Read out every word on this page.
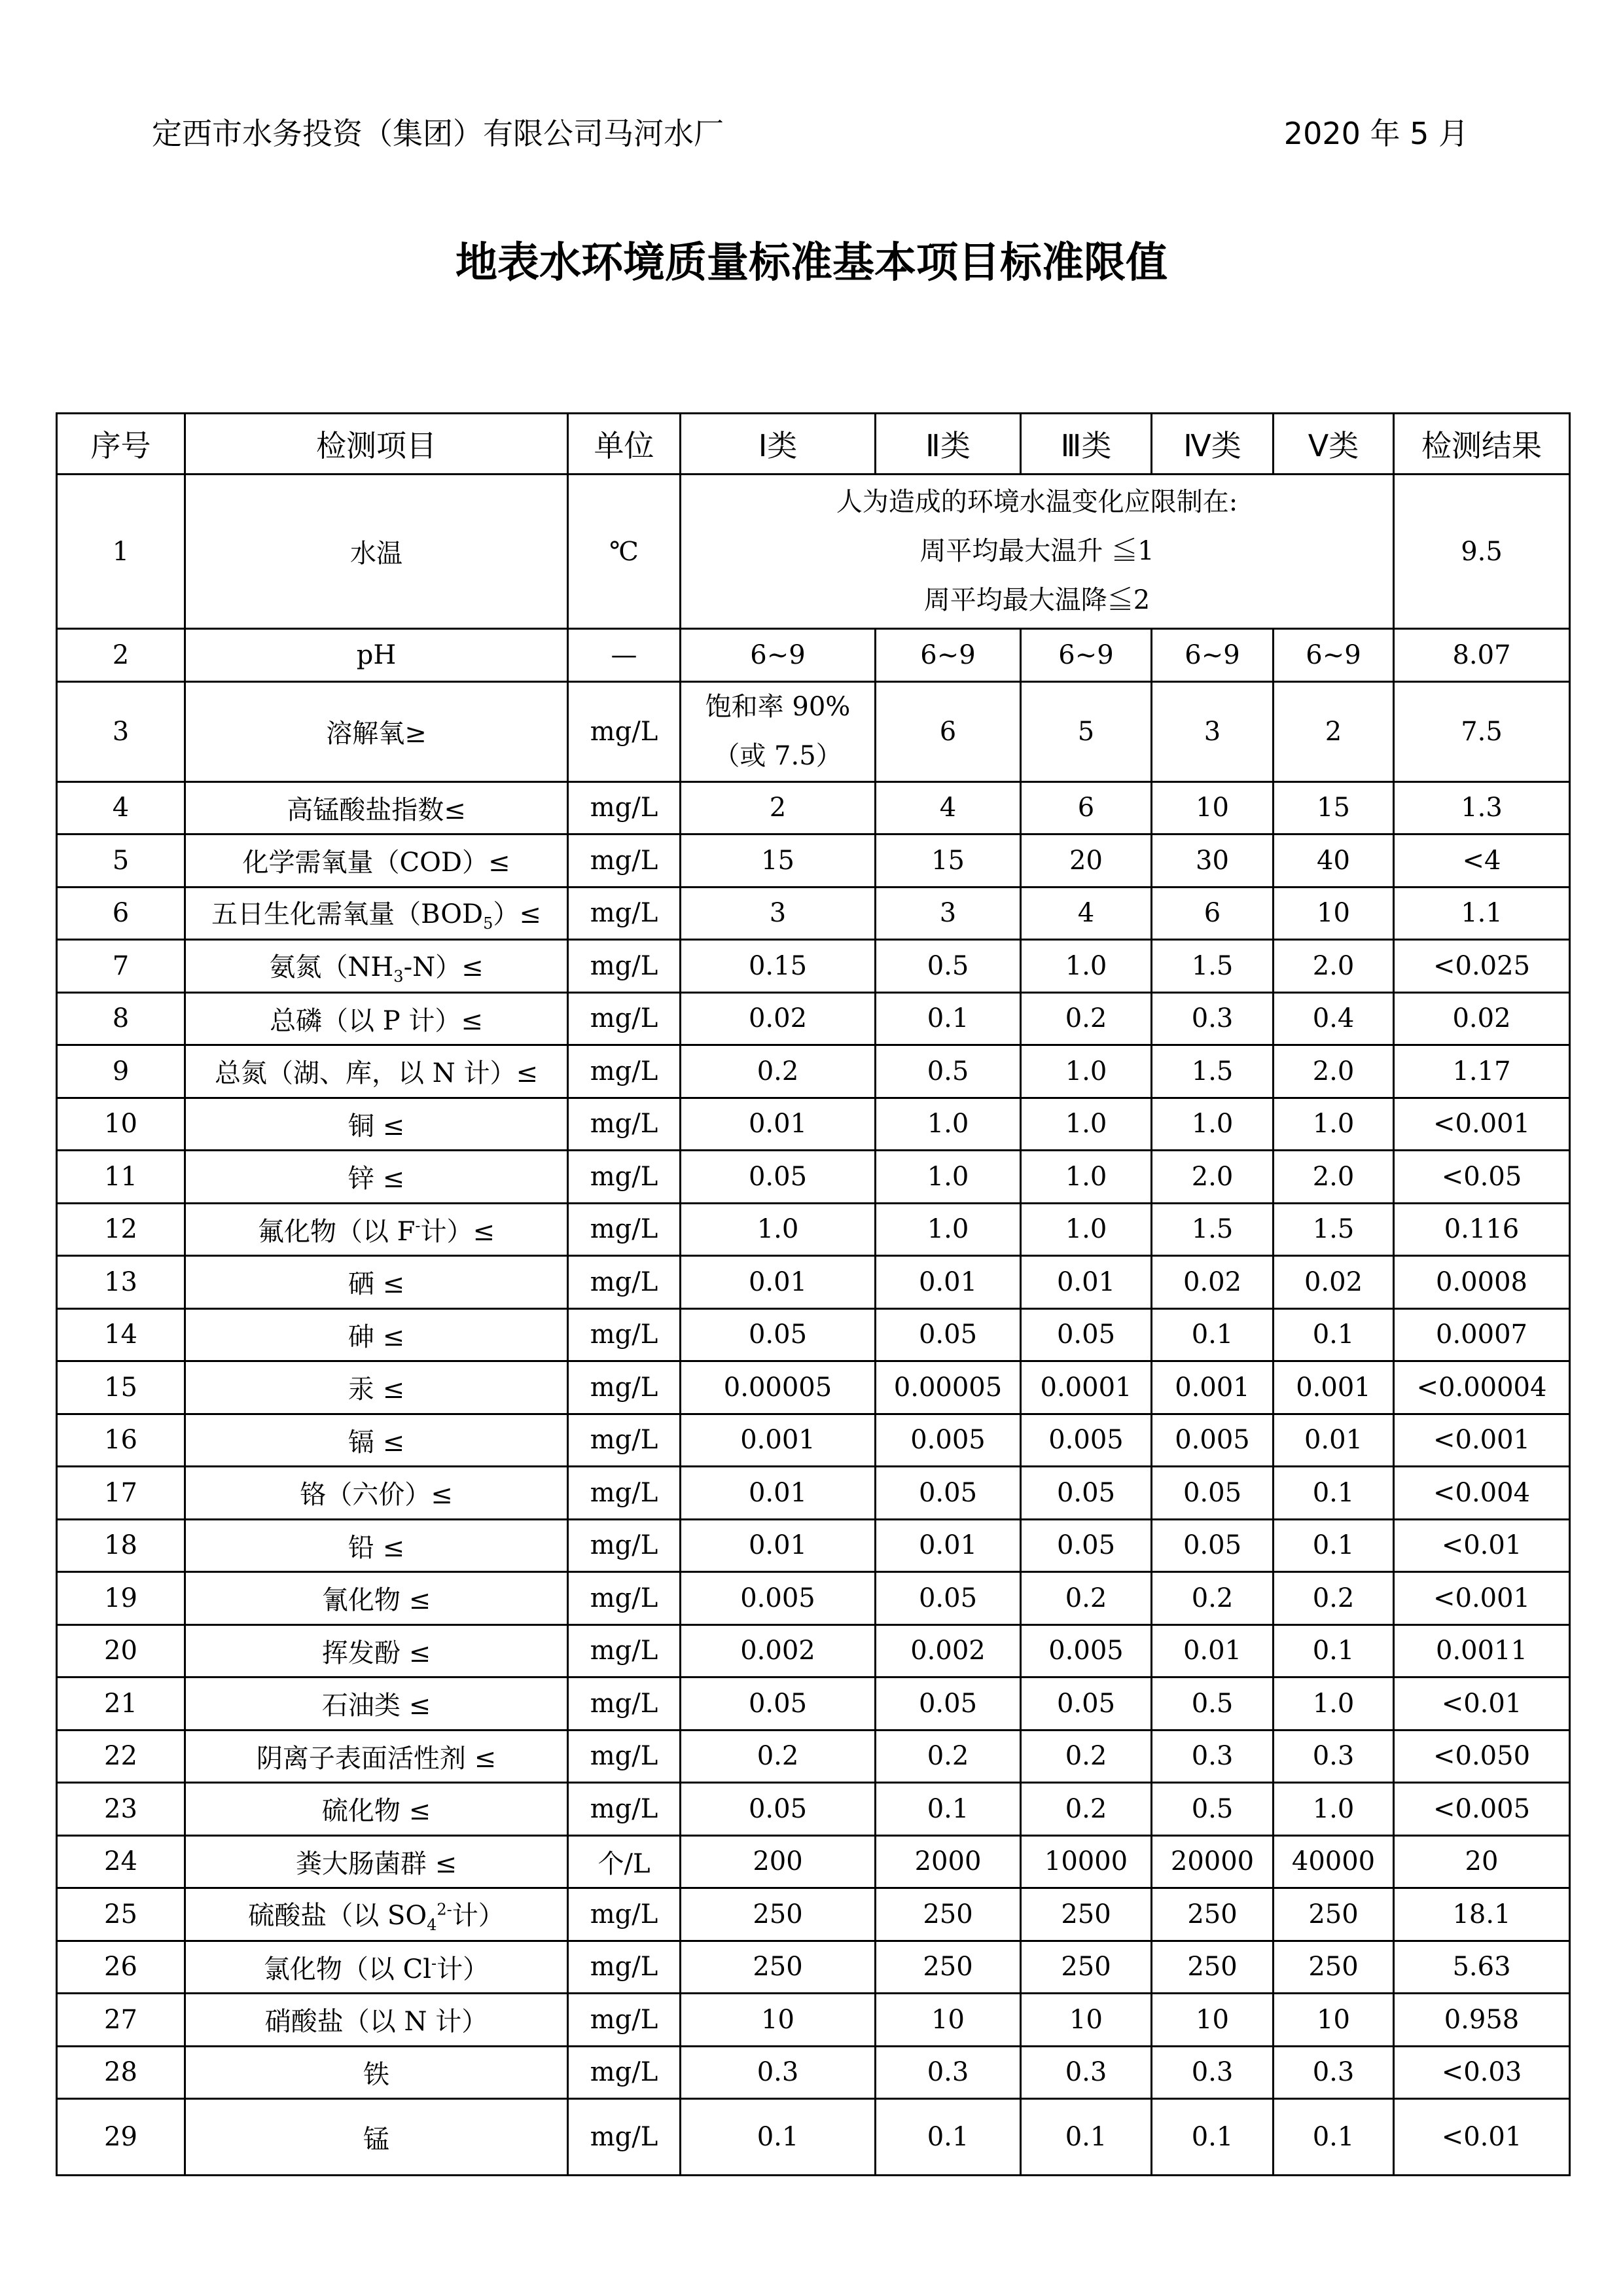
定西市水务投资（集团）有限公司马河水厂	2020 年 5 月
地表水环境质量标准基本项目标准限值
序号	检测项目	单位	Ⅰ类	Ⅱ类	Ⅲ类	Ⅳ类	Ⅴ类	检测结果
1	水温	℃	人为造成的环境水温变化应限制在:
周平均最大温升 ≦1
周平均最大温降≦2					9.5
2	pH	—	6~9	6~9	6~9	6~9	6~9	8.07
3	溶解氧≥	mg/L	饱和率 90%
（或 7.5）	6	5	3	2	7.5
4	高锰酸盐指数≤	mg/L	2	4	6	10	15	1.3
5	化学需氧量（COD）≤	mg/L	15	15	20	30	40	<4
6	五日生化需氧量$(BOD_5)\le$	mg/L	3	3	4	6	10	1.1
7	氨氮$(NH_3-N)\le$	mg/L	0.15	0.5	1.0	1.5	2.0	<0.025
8	总磷（以 P 计）≤	mg/L	0.02	0.1	0.2	0.3	0.4	0.02
9	总氮（湖、库，以 N 计）≤	mg/L	0.2	0.5	1.0	1.5	2.0	1.17
10	铜 ≤	mg/L	0.01	1.0	1.0	1.0	1.0	<0.001
11	锌 ≤	mg/L	0.05	1.0	1.0	2.0	2.0	<0.05
12	氟化物（以 F-计）≤	mg/L	1.0	1.0	1.0	1.5	1.5	0.116
13	硒 ≤	mg/L	0.01	0.01	0.01	0.02	0.02	0.0008
14	砷 ≤	mg/L	0.05	0.05	0.05	0.1	0.1	0.0007
15	汞 ≤	mg/L	0.00005	0.00005	0.0001	0.001	0.001	<0.00004
16	镉 ≤	mg/L	0.001	0.005	0.005	0.005	0.01	<0.001
17	铬（六价）≤	mg/L	0.01	0.05	0.05	0.05	0.1	<0.004
18	铅 ≤	mg/L	0.01	0.01	0.05	0.05	0.1	<0.01
19	氰化物 ≤	mg/L	0.005	0.05	0.2	0.2	0.2	<0.001
20	挥发酚 ≤	mg/L	0.002	0.002	0.005	0.01	0.1	0.0011
21	石油类 ≤	mg/L	0.05	0.05	0.05	0.5	1.0	<0.01
22	阴离子表面活性剂 ≤	mg/L	0.2	0.2	0.2	0.3	0.3	<0.050
23	硫化物 ≤	mg/L	0.05	0.1	0.2	0.5	1.0	<0.005
24	粪大肠菌群 ≤	个/L	200	2000	10000	20000	40000	20
25	硫酸盐（以 $SO_4^{2-}$计）	mg/L	250	250	250	250	250	18.1
26	氯化物（以 Cl-计）	mg/L	250	250	250	250	250	5.63
27	硝酸盐（以 N 计）	mg/L	10	10	10	10	10	0.958
28	铁	mg/L	0.3	0.3	0.3	0.3	0.3	<0.03
29	锰	mg/L	0.1	0.1	0.1	0.1	0.1	<0.01
